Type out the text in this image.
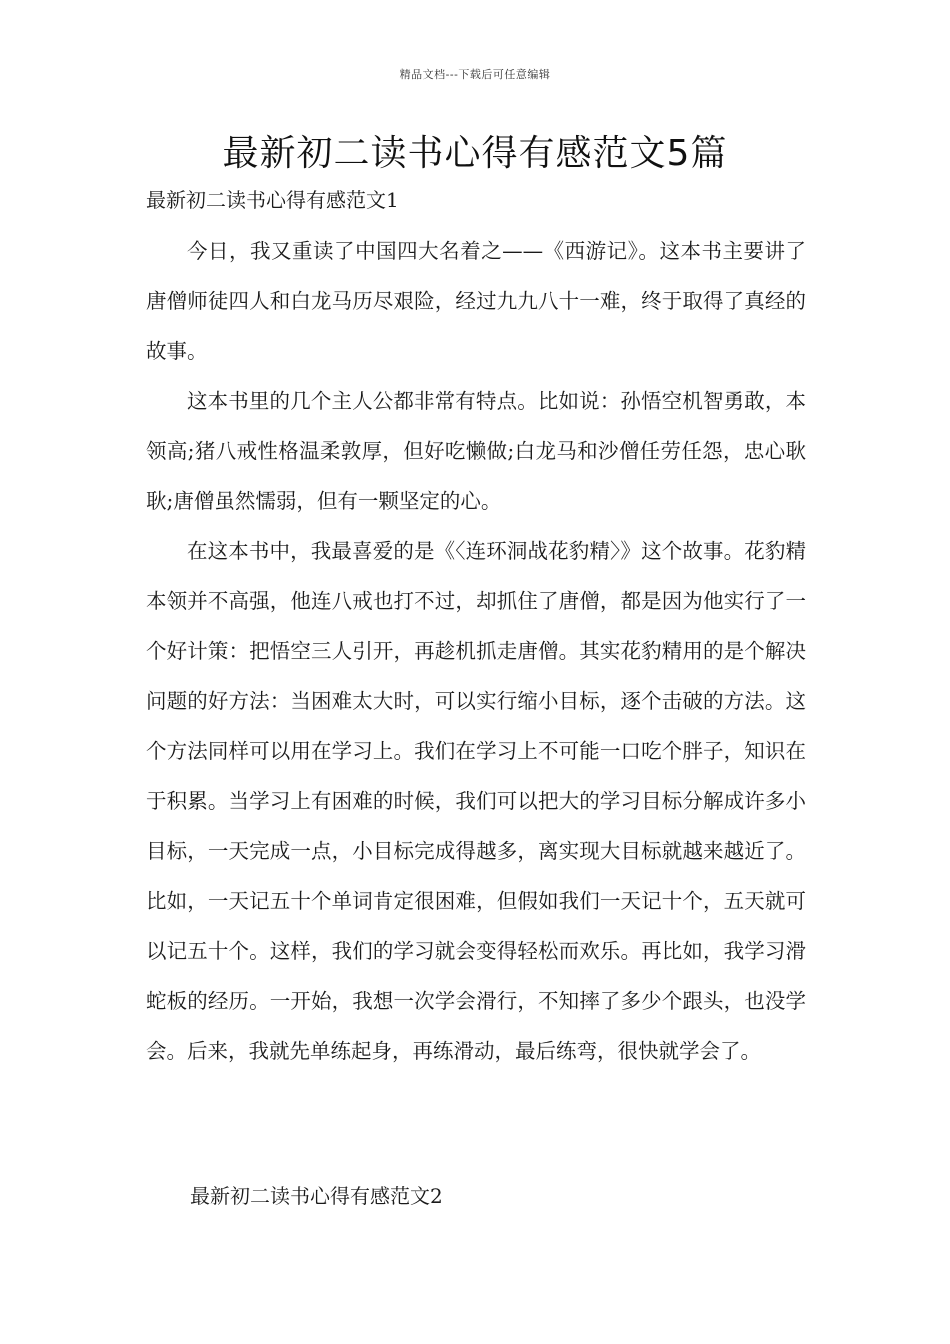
精品文档---下载后可任意编辑
最新初二读书心得有感范文5篇
最新初二读书心得有感范文1

今日，我又重读了中国四大名着之——《西游记》。这本书主要讲了唐僧师徒四人和白龙马历尽艰险，经过九九八十一难，终于取得了真经的故事。

这本书里的几个主人公都非常有特点。比如说：孙悟空机智勇敢，本领高;猪八戒性格温柔敦厚，但好吃懒做;白龙马和沙僧任劳任怨，忠心耿耿;唐僧虽然懦弱，但有一颗坚定的心。

在这本书中，我最喜爱的是《〈连环洞战花豹精〉》这个故事。花豹精本领并不高强，他连八戒也打不过，却抓住了唐僧，都是因为他实行了一个好计策：把悟空三人引开，再趁机抓走唐僧。其实花豹精用的是个解决问题的好方法：当困难太大时，可以实行缩小目标，逐个击破的方法。这个方法同样可以用在学习上。我们在学习上不可能一口吃个胖子，知识在于积累。当学习上有困难的时候，我们可以把大的学习目标分解成许多小目标，一天完成一点，小目标完成得越多，离实现大目标就越来越近了。比如，一天记五十个单词肯定很困难，但假如我们一天记十个，五天就可以记五十个。这样，我们的学习就会变得轻松而欢乐。再比如，我学习滑蛇板的经历。一开始，我想一次学会滑行，不知摔了多少个跟头，也没学会。后来，我就先单练起身，再练滑动，最后练弯，很快就学会了。

最新初二读书心得有感范文2
